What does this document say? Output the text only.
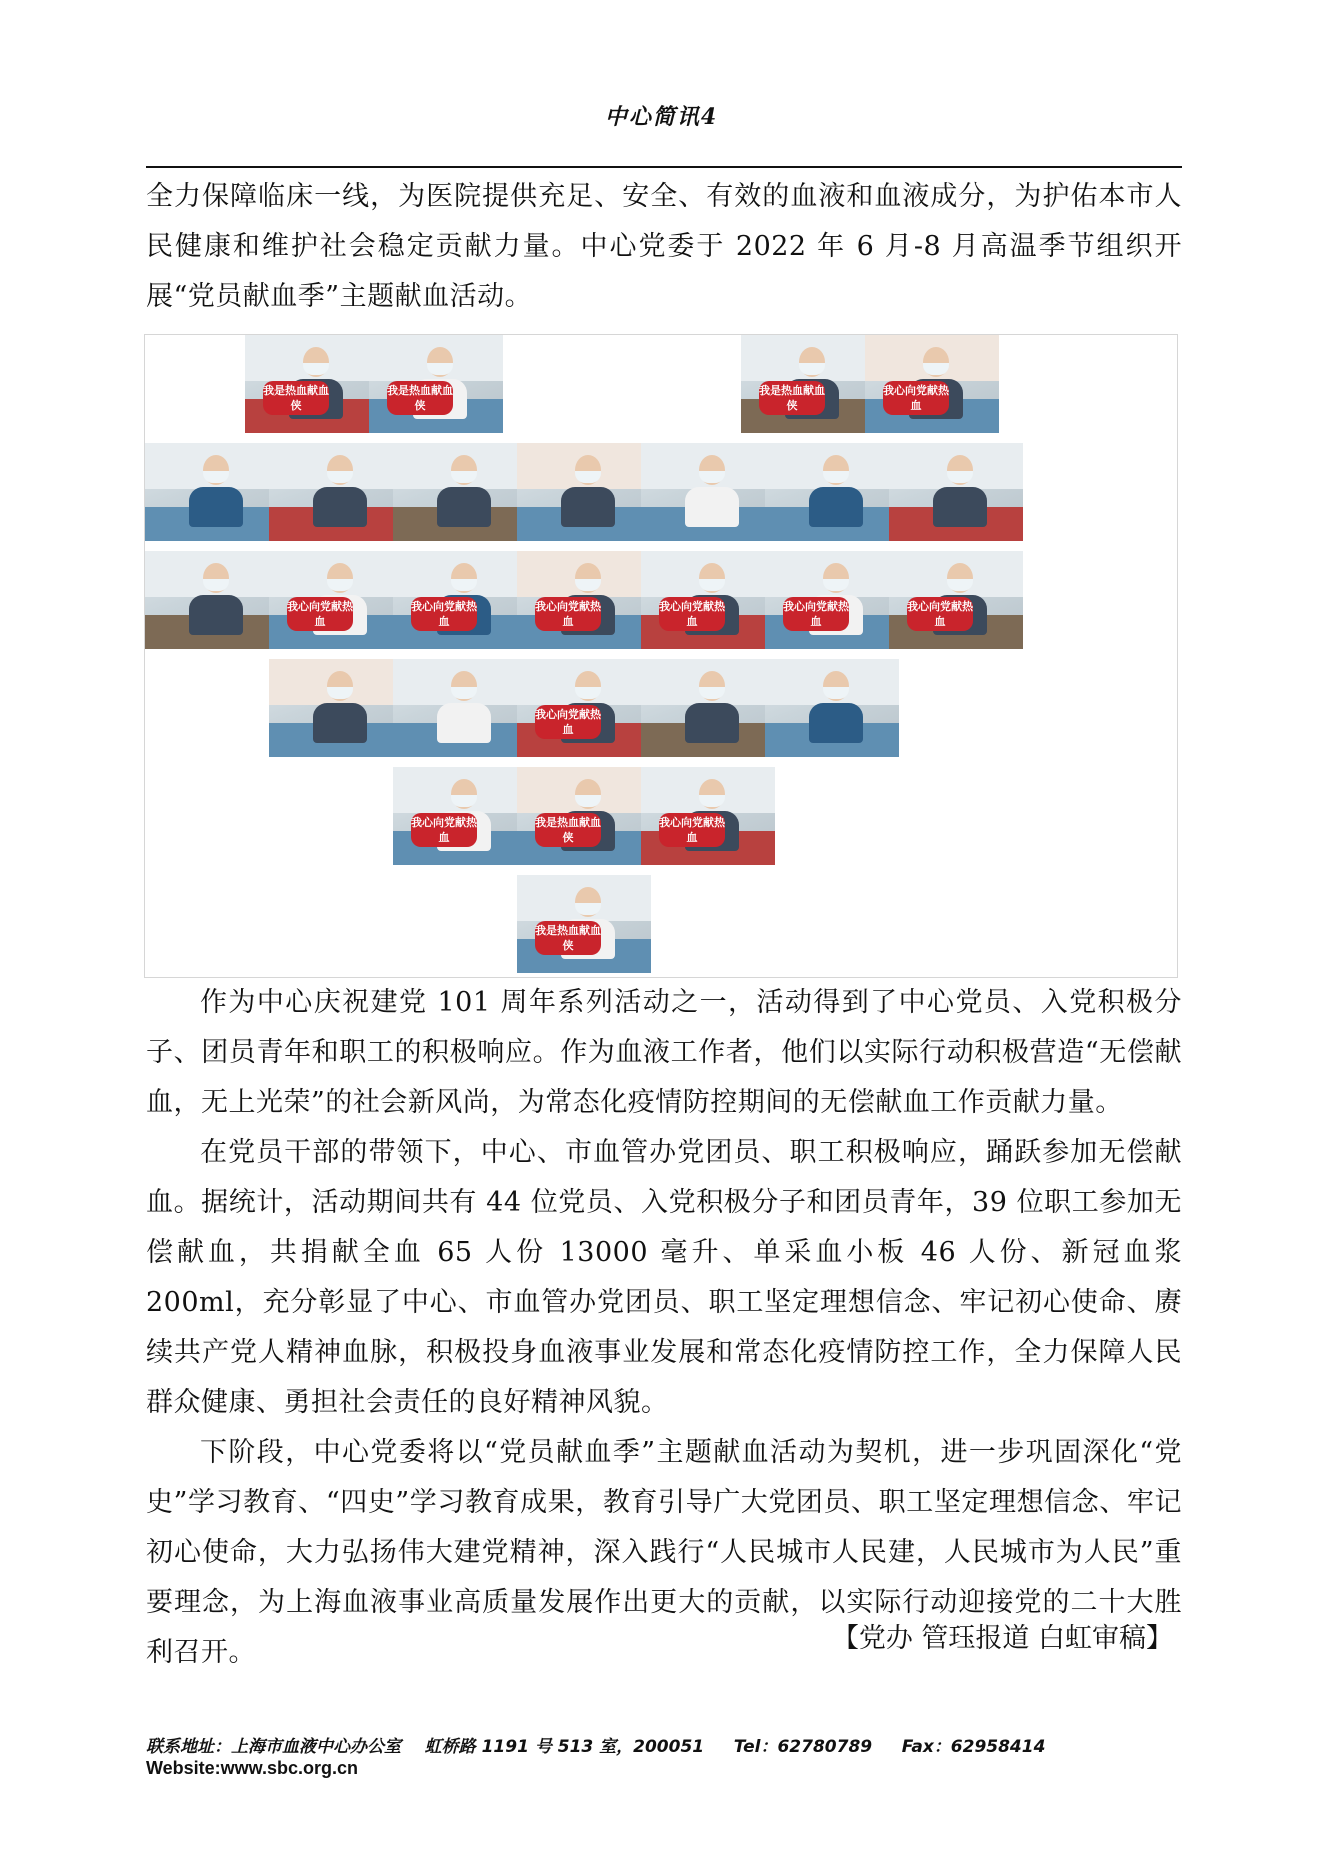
中心简讯4

全力保障临床一线，为医院提供充足、安全、有效的血液和血液成分，为护佑本市人民健康和维护社会稳定贡献力量。中心党委于 2022 年 6 月-8 月高温季节组织开展“党员献血季”主题献血活动。

我是热血献血侠
我是热血献血侠
我是热血献血侠
我心向党献热血
我心向党献热血
我心向党献热血
我心向党献热血
我心向党献热血
我心向党献热血
我心向党献热血
我心向党献热血
我心向党献热血
我是热血献血侠
我心向党献热血
我是热血献血侠

作为中心庆祝建党 101 周年系列活动之一，活动得到了中心党员、入党积极分子、团员青年和职工的积极响应。作为血液工作者，他们以实际行动积极营造“无偿献血，无上光荣”的社会新风尚，为常态化疫情防控期间的无偿献血工作贡献力量。

在党员干部的带领下，中心、市血管办党团员、职工积极响应，踊跃参加无偿献血。据统计，活动期间共有 44 位党员、入党积极分子和团员青年，39 位职工参加无偿献血，共捐献全血 65 人份 13000 毫升、单采血小板 46 人份、新冠血浆 200ml，充分彰显了中心、市血管办党团员、职工坚定理想信念、牢记初心使命、赓续共产党人精神血脉，积极投身血液事业发展和常态化疫情防控工作，全力保障人民群众健康、勇担社会责任的良好精神风貌。

下阶段，中心党委将以“党员献血季”主题献血活动为契机，进一步巩固深化“党史”学习教育、“四史”学习教育成果，教育引导广大党团员、职工坚定理想信念、牢记初心使命，大力弘扬伟大建党精神，深入践行“人民城市人民建，人民城市为人民”重要理念，为上海血液事业高质量发展作出更大的贡献，以实际行动迎接党的二十大胜利召开。	【党办 管珏报道 白虹审稿】
联系地址：上海市血液中心办公室    虹桥路 1191 号 513 室，200051     Tel：62780789     Fax：62958414
Website:www.sbc.org.cn
